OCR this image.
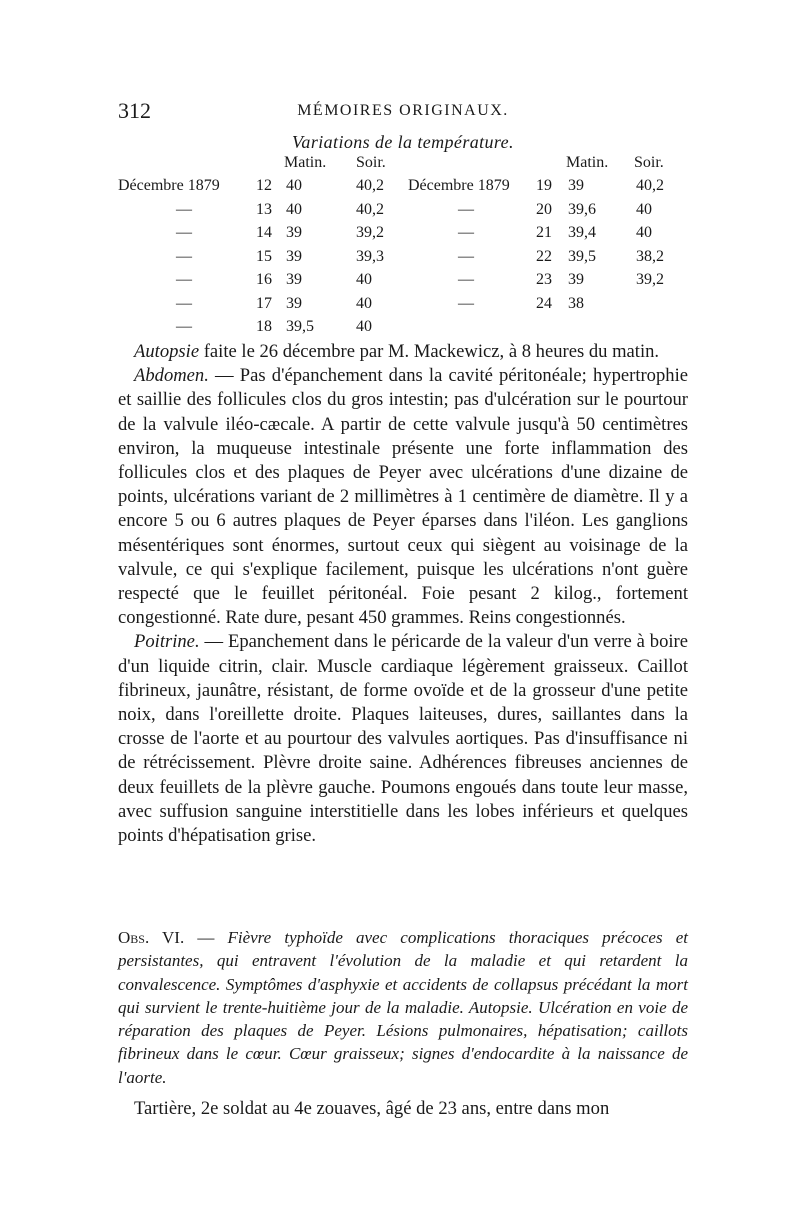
312	MÉMOIRES ORIGINAUX.
Variations de la température.
Matin. Soir.	Matin. Soir.
Décembre 1879 12 40	40,2
—	13 40	40,2
—	14 39	39,2
—	15 39	39,3
—	16 39	40
—	17 39	40
—	18 39,5	40
Décembre 1879 19 39	40,2
—	20 39,6	40
—	21 39,4	40
—	22 39,5	38,2
—	23 39	39,2
—	24 38

Autopsie faite le 26 décembre par M. Mackewicz, à 8 heures du matin.

Abdomen. — Pas d'épanchement dans la cavité péritonéale; hypertrophie et saillie des follicules clos du gros intestin; pas d'ulcération sur le pourtour de la valvule iléo-cæcale. A partir de cette valvule jusqu'à 50 centimètres environ, la muqueuse intestinale présente une forte inflammation des follicules clos et des plaques de Peyer avec ulcérations d'une dizaine de points, ulcérations variant de 2 millimètres à 1 centimère de diamètre. Il y a encore 5 ou 6 autres plaques de Peyer éparses dans l'iléon. Les ganglions mésentériques sont énormes, surtout ceux qui siègent au voisinage de la valvule, ce qui s'explique facilement, puisque les ulcérations n'ont guère respecté que le feuillet péritonéal. Foie pesant 2 kilog., fortement congestionné. Rate dure, pesant 450 grammes. Reins congestionnés.

Poitrine. — Epanchement dans le péricarde de la valeur d'un verre à boire d'un liquide citrin, clair. Muscle cardiaque légèrement graisseux. Caillot fibrineux, jaunâtre, résistant, de forme ovoïde et de la grosseur d'une petite noix, dans l'oreillette droite. Plaques laiteuses, dures, saillantes dans la crosse de l'aorte et au pourtour des valvules aortiques. Pas d'insuffisance ni de rétrécissement. Plèvre droite saine. Adhérences fibreuses anciennes de deux feuillets de la plèvre gauche. Poumons engoués dans toute leur masse, avec suffusion sanguine interstitielle dans les lobes inférieurs et quelques points d'hépatisation grise.

Obs. VI. — Fièvre typhoïde avec complications thoraciques précoces et persistantes, qui entravent l'évolution de la maladie et qui retardent la convalescence. Symptômes d'asphyxie et accidents de collapsus précédant la mort qui survient le trente-huitième jour de la maladie. Autopsie. Ulcération en voie de réparation des plaques de Peyer. Lésions pulmonaires, hépatisation; caillots fibrineux dans le cœur. Cœur graisseux; signes d'endocardite à la naissance de l'aorte.

Tartière, 2e soldat au 4e zouaves, âgé de 23 ans, entre dans mon
